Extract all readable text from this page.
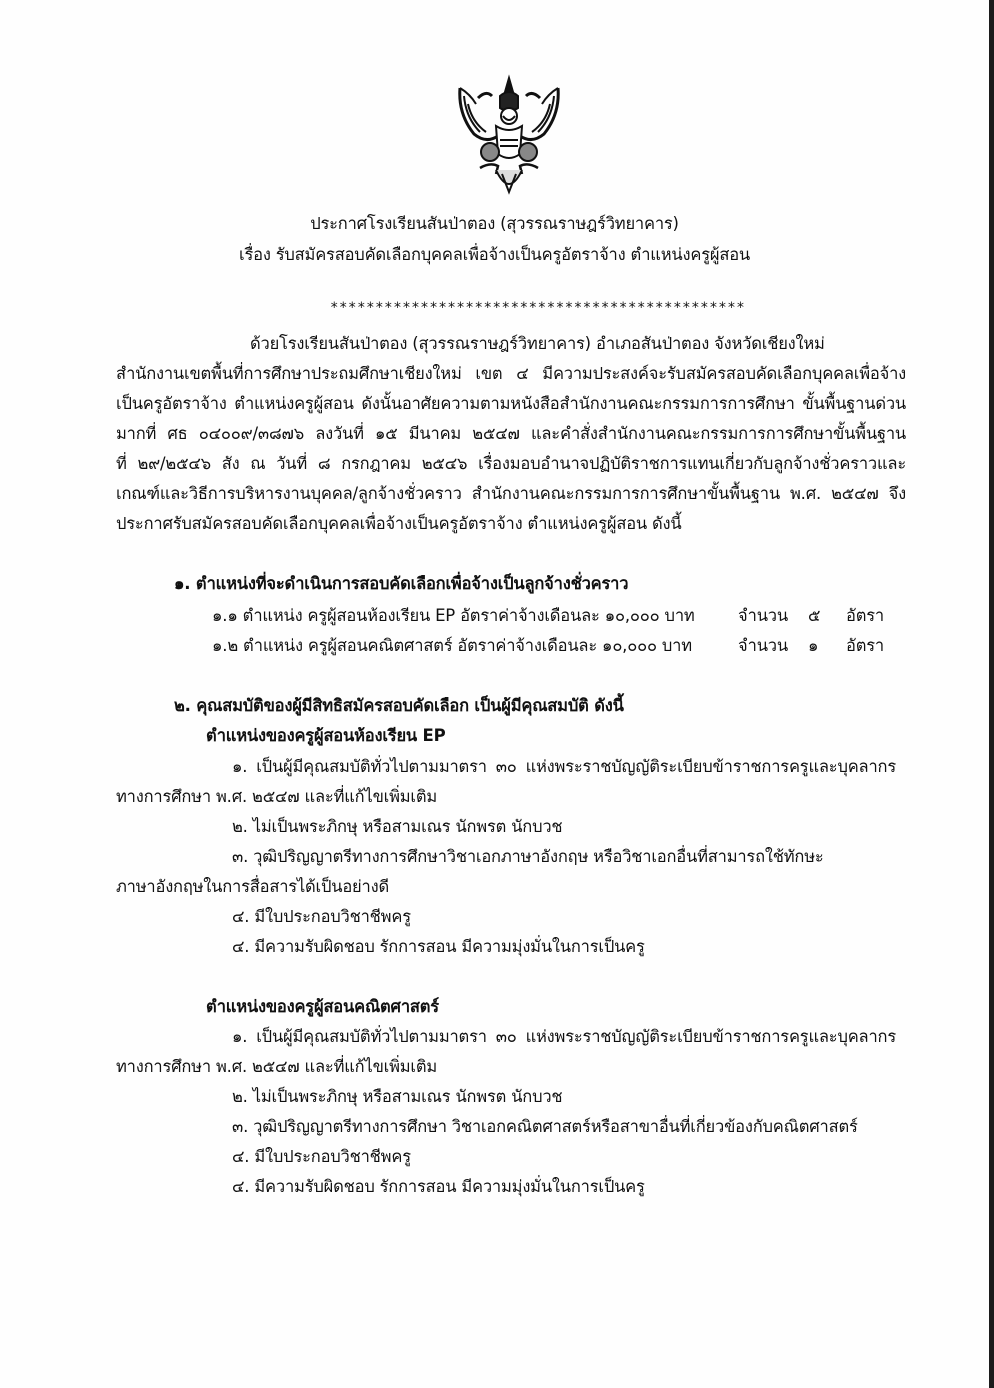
ประกาศโรงเรียนสันป่าตอง (สุวรรณราษฎร์วิทยาคาร)
เรื่อง รับสมัครสอบคัดเลือกบุคคลเพื่อจ้างเป็นครูอัตราจ้าง ตำแหน่งครูผู้สอน
**********************************************
ด้วยโรงเรียนสันป่าตอง (สุวรรณราษฎร์วิทยาคาร) อำเภอสันป่าตอง จังหวัดเชียงใหม่
สำนักงานเขตพื้นที่การศึกษาประถมศึกษาเชียงใหม่ เขต ๔ มีความประสงค์จะรับสมัครสอบคัดเลือกบุคคลเพื่อจ้าง
เป็นครูอัตราจ้าง ตำแหน่งครูผู้สอน ดังนั้นอาศัยความตามหนังสือสำนักงานคณะกรรมการการศึกษา ขั้นพื้นฐานด่วน
มากที่ ศธ ๐๔๐๐๙/๓๘๗๖ ลงวันที่ ๑๕ มีนาคม ๒๕๔๗ และคำสั่งสำนักงานคณะกรรมการการศึกษาขั้นพื้นฐาน
ที่ ๒๙/๒๕๔๖ สัง ณ วันที่ ๘ กรกฎาคม ๒๕๔๖ เรื่องมอบอำนาจปฏิบัติราชการแทนเกี่ยวกับลูกจ้างชั่วคราวและ
เกณฑ์และวิธีการบริหารงานบุคคล/ลูกจ้างชั่วคราว สำนักงานคณะกรรมการการศึกษาขั้นพื้นฐาน พ.ศ. ๒๕๔๗ จึง
ประกาศรับสมัครสอบคัดเลือกบุคคลเพื่อจ้างเป็นครูอัตราจ้าง ตำแหน่งครูผู้สอน ดังนี้
๑. ตำแหน่งที่จะดำเนินการสอบคัดเลือกเพื่อจ้างเป็นลูกจ้างชั่วคราว
๑.๑ ตำแหน่ง ครูผู้สอนห้องเรียน EP อัตราค่าจ้างเดือนละ ๑๐,๐๐๐ บาท	จำนวน ๕ อัตรา
๑.๒ ตำแหน่ง ครูผู้สอนคณิตศาสตร์ อัตราค่าจ้างเดือนละ ๑๐,๐๐๐ บาท	จำนวน ๑ อัตรา
๒. คุณสมบัติของผู้มีสิทธิสมัครสอบคัดเลือก เป็นผู้มีคุณสมบัติ ดังนี้
ตำแหน่งของครูผู้สอนห้องเรียน EP
๑. เป็นผู้มีคุณสมบัติทั่วไปตามมาตรา ๓๐ แห่งพระราชบัญญัติระเบียบข้าราชการครูและบุคลากร
ทางการศึกษา พ.ศ. ๒๕๔๗ และที่แก้ไขเพิ่มเติม
๒. ไม่เป็นพระภิกษุ หรือสามเณร นักพรต นักบวช
๓. วุฒิปริญญาตรีทางการศึกษาวิชาเอกภาษาอังกฤษ หรือวิชาเอกอื่นที่สามารถใช้ทักษะ
ภาษาอังกฤษในการสื่อสารได้เป็นอย่างดี
๔. มีใบประกอบวิชาชีพครู
๔. มีความรับผิดชอบ รักการสอน มีความมุ่งมั่นในการเป็นครู
ตำแหน่งของครูผู้สอนคณิตศาสตร์
๑. เป็นผู้มีคุณสมบัติทั่วไปตามมาตรา ๓๐ แห่งพระราชบัญญัติระเบียบข้าราชการครูและบุคลากร
ทางการศึกษา พ.ศ. ๒๕๔๗ และที่แก้ไขเพิ่มเติม
๒. ไม่เป็นพระภิกษุ หรือสามเณร นักพรต นักบวช
๓. วุฒิปริญญาตรีทางการศึกษา วิชาเอกคณิตศาสตร์หรือสาขาอื่นที่เกี่ยวข้องกับคณิตศาสตร์
๔. มีใบประกอบวิชาชีพครู
๔. มีความรับผิดชอบ รักการสอน มีความมุ่งมั่นในการเป็นครู
